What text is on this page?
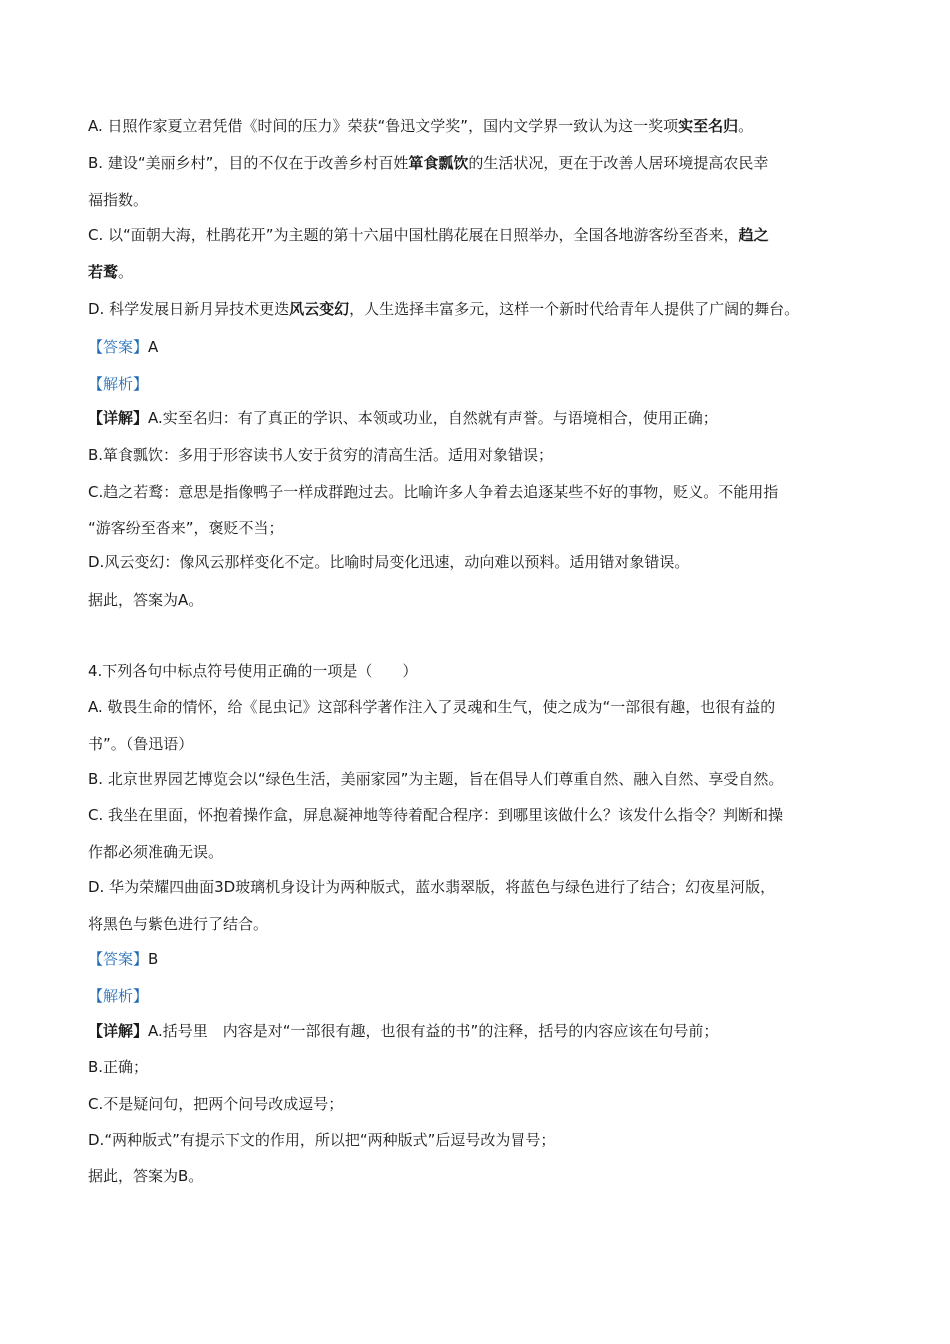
A. 日照作家夏立君凭借《时间的压力》荣获“鲁迅文学奖”，国内文学界一致认为这一奖项实至名归。
B. 建设“美丽乡村”，目的不仅在于改善乡村百姓箪食瓢饮的生活状况，更在于改善人居环境提高农民幸
福指数。
C. 以“面朝大海，杜鹃花开”为主题的第十六届中国杜鹃花展在日照举办，全国各地游客纷至沓来，趋之
若鹜。
D. 科学发展日新月异技术更迭风云变幻，人生选择丰富多元，这样一个新时代给青年人提供了广阔的舞台。
【答案】A
【解析】
【详解】A.实至名归：有了真正的学识、本领或功业，自然就有声誉。与语境相合，使用正确；
B.箪食瓢饮：多用于形容读书人安于贫穷的清高生活。适用对象错误；
C.趋之若鹜：意思是指像鸭子一样成群跑过去。比喻许多人争着去追逐某些不好的事物，贬义。不能用指
“游客纷至沓来”，褒贬不当；
D.风云变幻：像风云那样变化不定。比喻时局变化迅速，动向难以预料。适用错对象错误。
据此，答案为A。
4.下列各句中标点符号使用正确的一项是（　　）
A. 敬畏生命的情怀，给《昆虫记》这部科学著作注入了灵魂和生气，使之成为“一部很有趣，也很有益的
书”。（鲁迅语）
B. 北京世界园艺博览会以“绿色生活，美丽家园”为主题，旨在倡导人们尊重自然、融入自然、享受自然。
C. 我坐在里面，怀抱着操作盒，屏息凝神地等待着配合程序：到哪里该做什么？该发什么指令？判断和操
作都必须准确无误。
D. 华为荣耀四曲面3D玻璃机身设计为两种版式，蓝水翡翠版，将蓝色与绿色进行了结合；幻夜星河版，
将黑色与紫色进行了结合。
【答案】B
【解析】
【详解】A.括号里　内容是对“一部很有趣，也很有益的书”的注释，括号的内容应该在句号前；
B.正确；
C.不是疑问句，把两个问号改成逗号；
D.“两种版式”有提示下文的作用，所以把“两种版式”后逗号改为冒号；
据此，答案为B。
